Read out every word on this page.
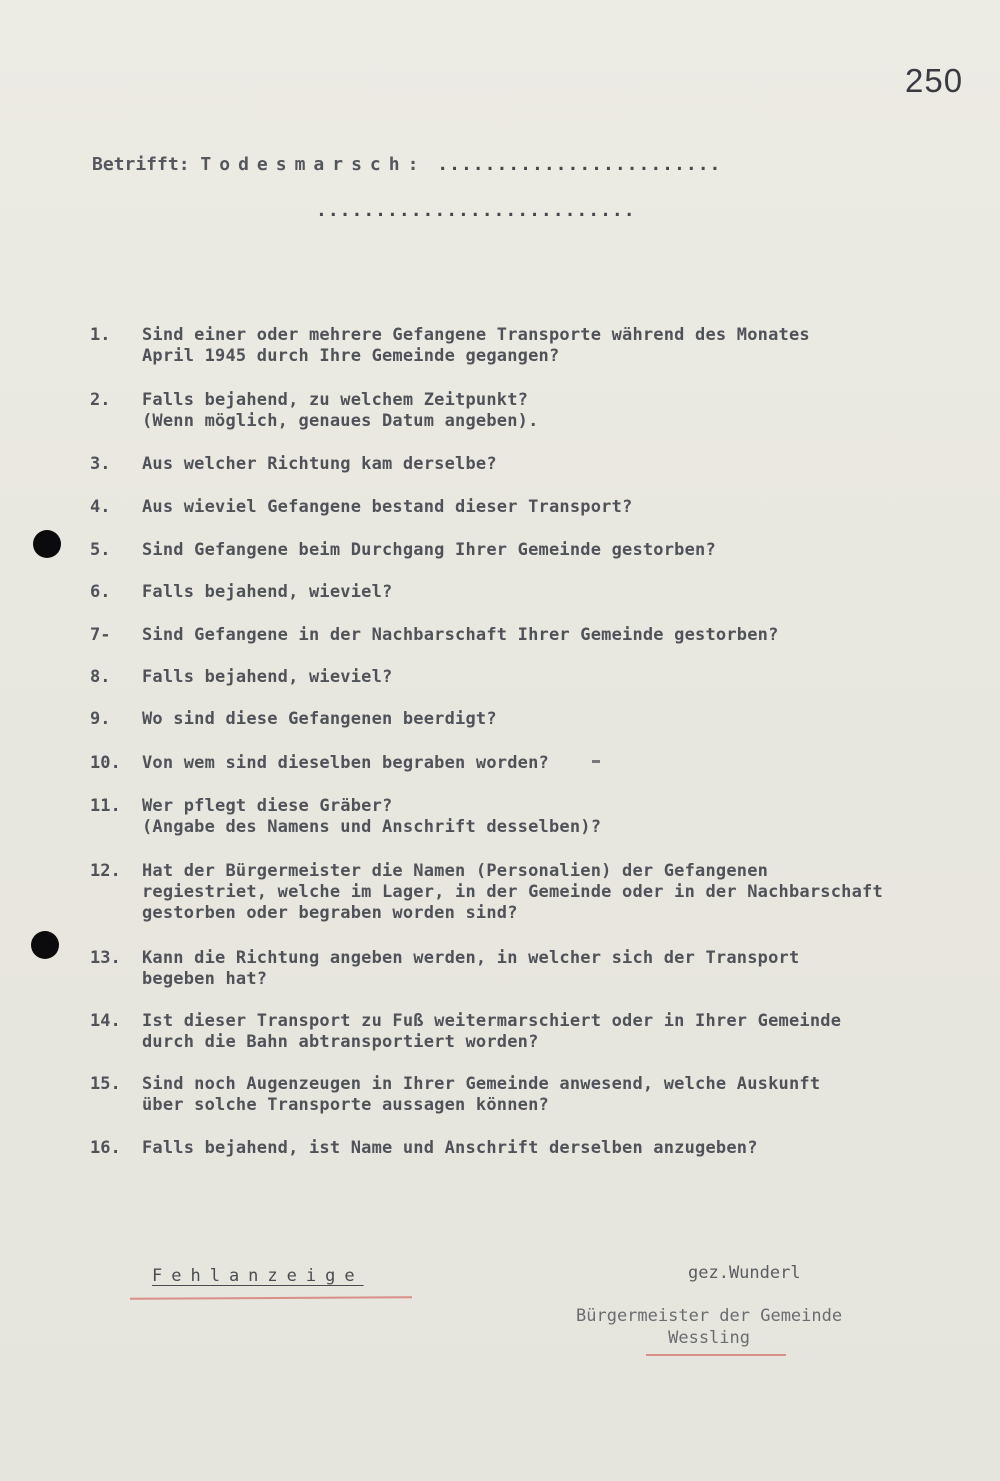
250
Betrifft: Todesmarsch: ........................
...........................
1.	Sind einer oder mehrere Gefangene Transporte während des Monates
April 1945 durch Ihre Gemeinde gegangen?
2.	Falls bejahend, zu welchem Zeitpunkt?
(Wenn möglich, genaues Datum angeben).
3.	Aus welcher Richtung kam derselbe?
4.	Aus wieviel Gefangene bestand dieser Transport?
5.	Sind Gefangene beim Durchgang Ihrer Gemeinde gestorben?
6.	Falls bejahend, wieviel?
7-	Sind Gefangene in der Nachbarschaft Ihrer Gemeinde gestorben?
8.	Falls bejahend, wieviel?
9.	Wo sind diese Gefangenen beerdigt?
10.	Von wem sind dieselben begraben worden?
11.	Wer pflegt diese Gräber?
(Angabe des Namens und Anschrift desselben)?
12.	Hat der Bürgermeister die Namen (Personalien) der Gefangenen
regiestriet, welche im Lager, in der Gemeinde oder in der Nachbarschaft
gestorben oder begraben worden sind?
13.	Kann die Richtung angeben werden, in welcher sich der Transport
begeben hat?
14.	Ist dieser Transport zu Fuß weitermarschiert oder in Ihrer Gemeinde
durch die Bahn abtransportiert worden?
15.	Sind noch Augenzeugen in Ihrer Gemeinde anwesend, welche Auskunft
über solche Transporte aussagen können?
16.	Falls bejahend, ist Name und Anschrift derselben anzugeben?
Fehlanzeige	gez.Wunderl
Bürgermeister der Gemeinde
Wessling
